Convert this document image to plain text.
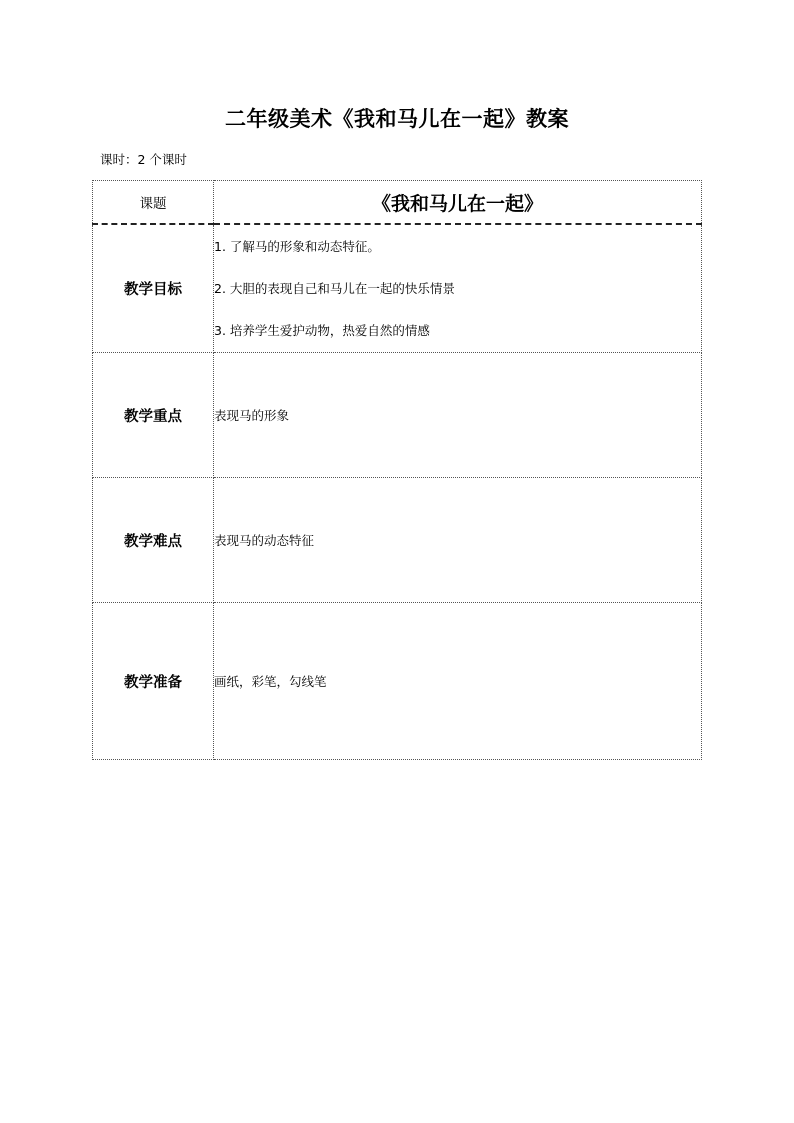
二年级美术《我和马儿在一起》教案
课时：2 个课时
课题	《我和马儿在一起》
教学目标	1. 了解马的形象和动态特征。
2. 大胆的表现自己和马儿在一起的快乐情景
3. 培养学生爱护动物，热爱自然的情感

教学重点	表现马的形象
教学难点	表现马的动态特征
教学准备	画纸，彩笔，勾线笔
